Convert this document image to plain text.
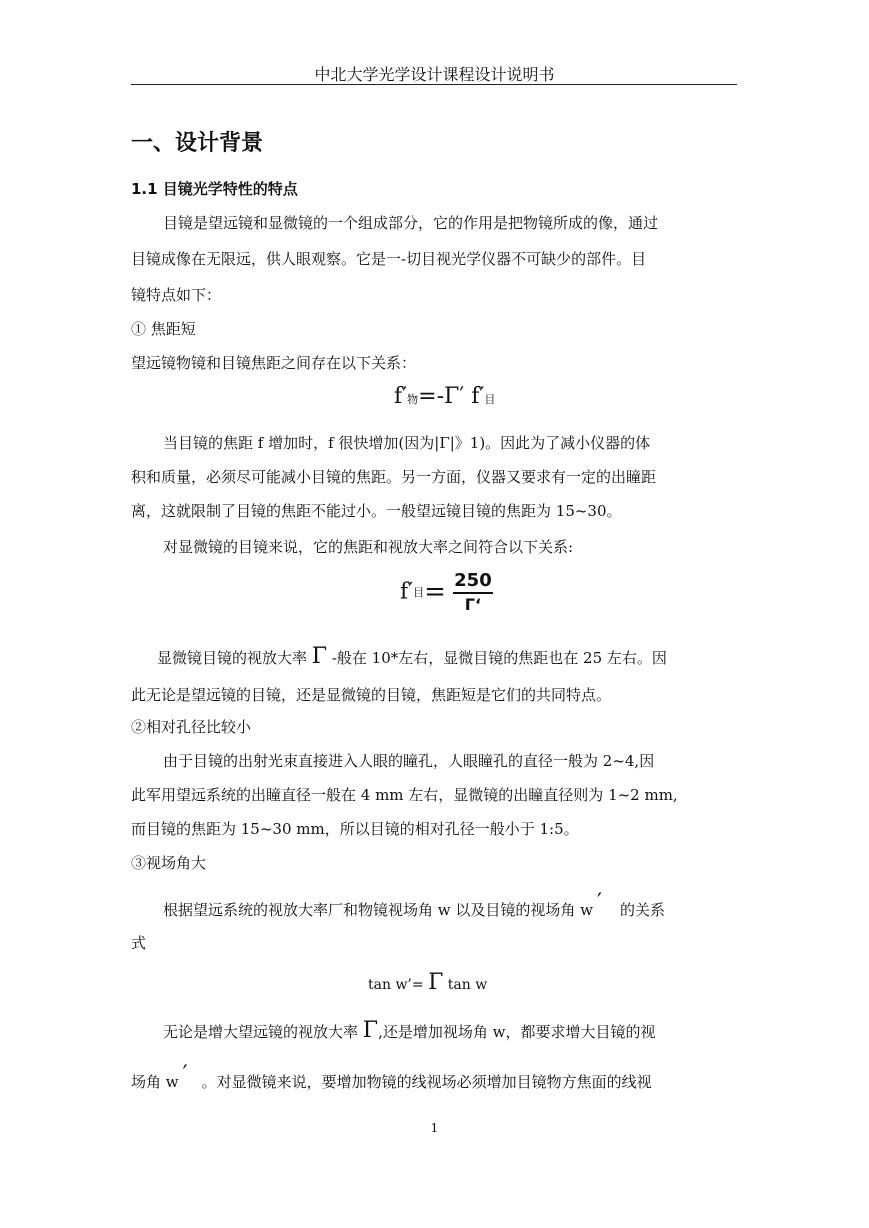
中北大学光学设计课程设计说明书
一、设计背景
1.1 目镜光学特性的特点
目镜是望远镜和显微镜的一个组成部分，它的作用是把物镜所成的像，通过
目镜成像在无限远，供人眼观察。它是一-切目视光学仪器不可缺少的部件。目
镜特点如下：
① 焦距短
望远镜物镜和目镜焦距之间存在以下关系：
f′物=-Γ′ f′目
当目镜的焦距 f 增加时，f 很快增加(因为|Γ|》1)。因此为了减小仪器的体
积和质量，必须尽可能减小目镜的焦距。另一方面，仪器又要求有一定的出瞳距
离，这就限制了目镜的焦距不能过小。一般望远镜目镜的焦距为 15~30。
对显微镜的目镜来说，它的焦距和视放大率之间符合以下关系:
f′目= $\frac{250}{\Gamma‘}$
显微镜目镜的视放大率 Γ -般在 10*左右，显微目镜的焦距也在 25 左右。因
此无论是望远镜的目镜，还是显微镜的目镜，焦距短是它们的共同特点。
②相对孔径比较小
由于目镜的出射光束直接进入人眼的瞳孔，人眼瞳孔的直径一般为 2~4,因
此军用望远系统的出瞳直径一般在 4 mm 左右，显微镜的出瞳直径则为 1~2 mm,
而目镜的焦距为 15~30 mm，所以目镜的相对孔径一般小于 1:5。
③视场角大
根据望远系统的视放大率厂和物镜视场角 w 以及目镜的视场角 w ′ 的关系
式
tan w’= Γ tan w
无论是增大望远镜的视放大率 Γ,还是增加视场角 w，都要求增大目镜的视
场角 w ′ 。对显微镜来说，要增加物镜的线视场必须增加目镜物方焦面的线视
1
